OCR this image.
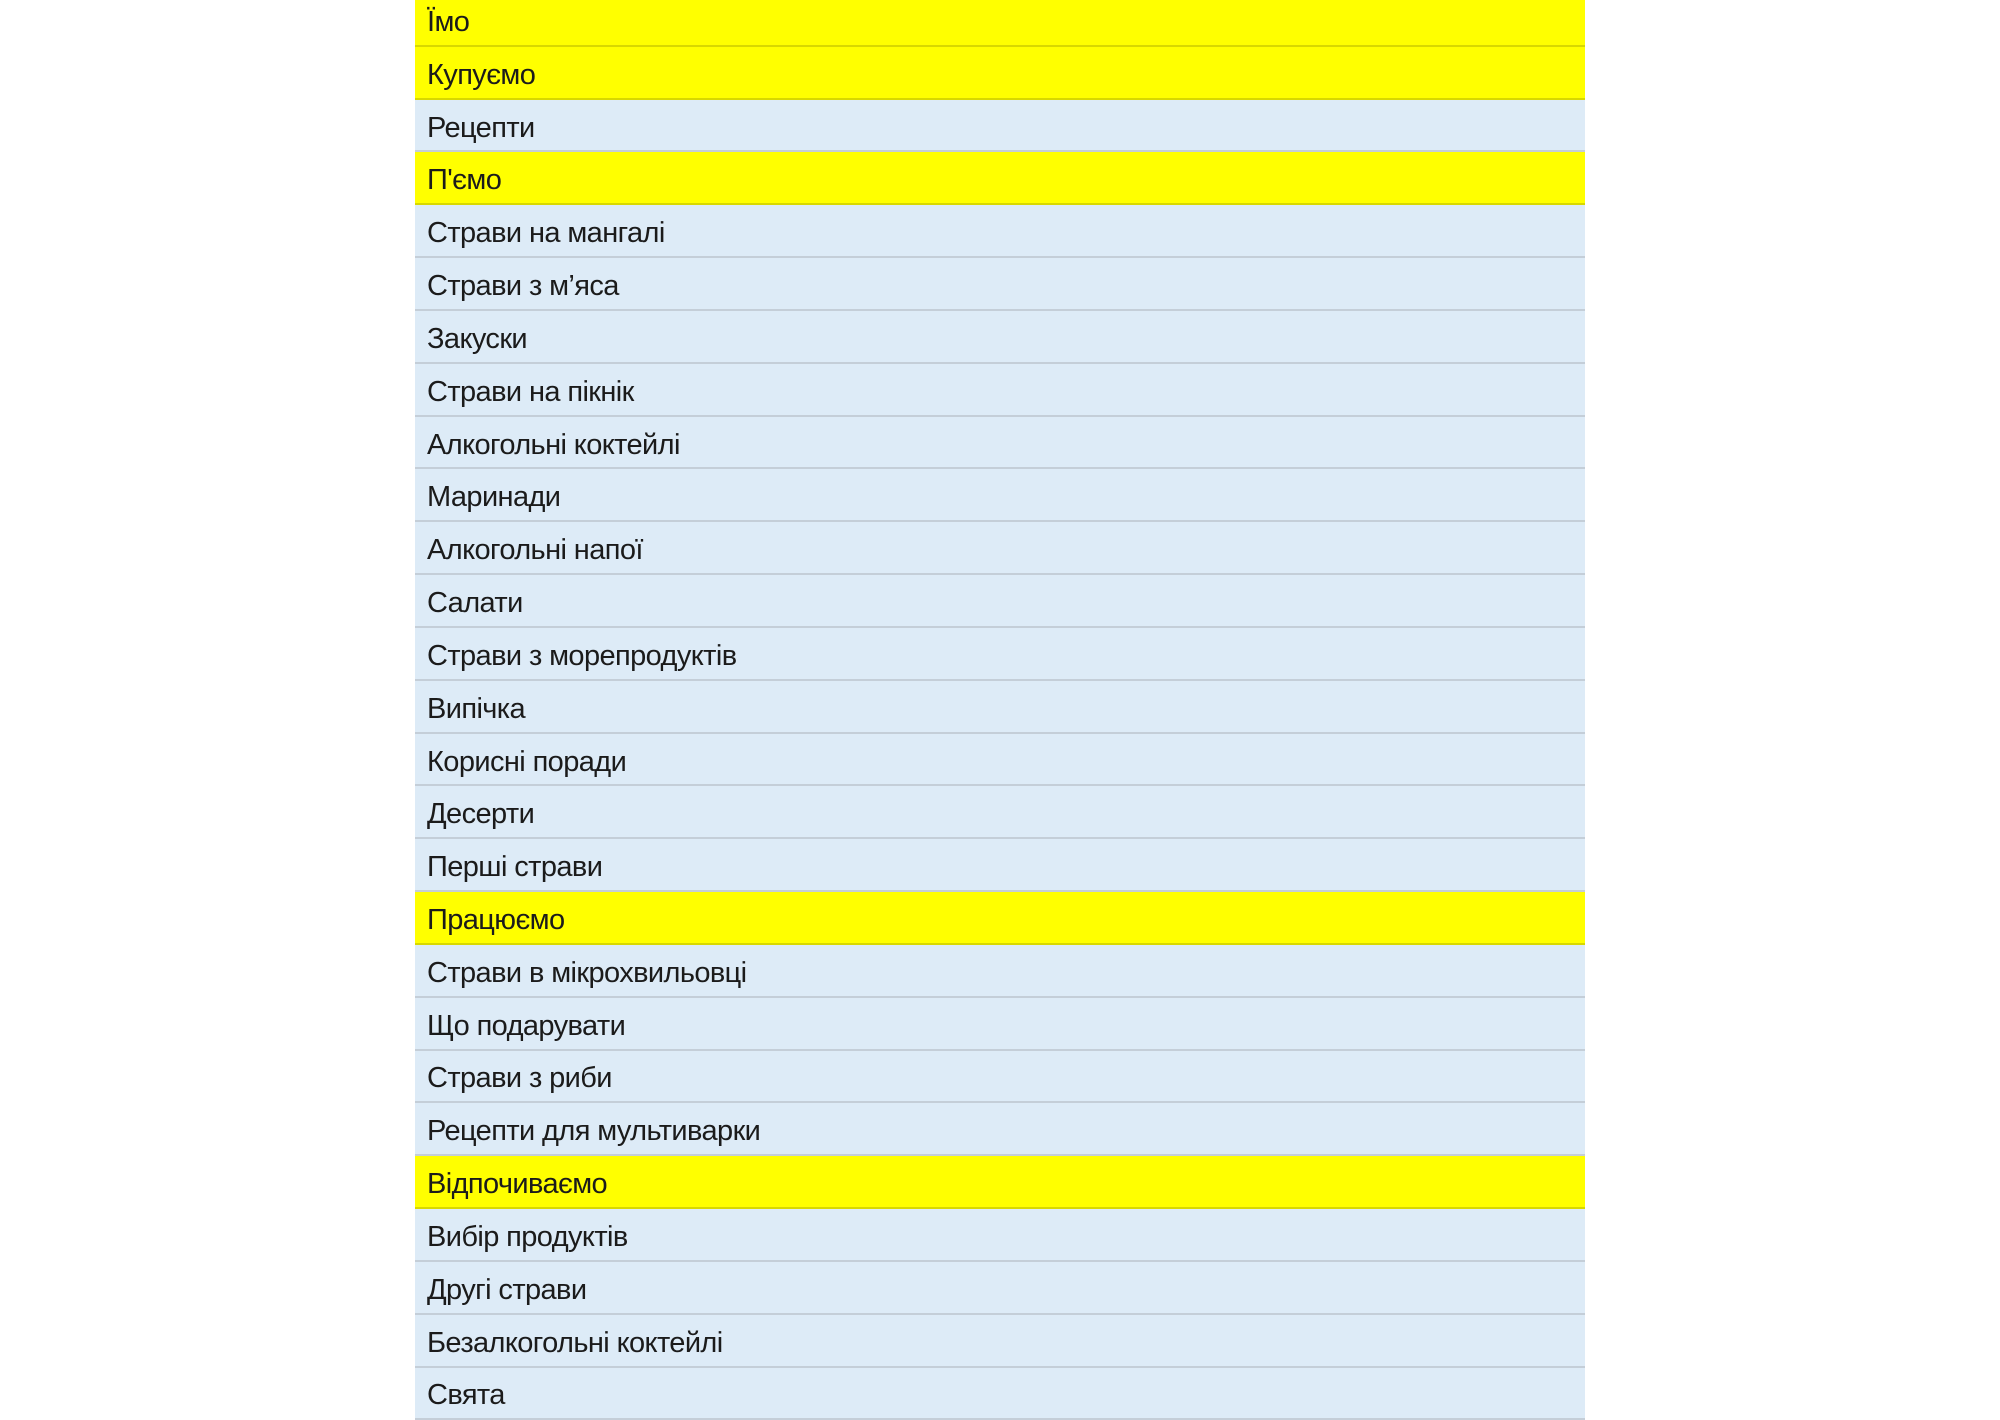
Їмо
Купуємо
Рецепти
П'ємо
Страви на мангалі
Страви з м’яса
Закуски
Страви на пікнік
Алкогольні коктейлі
Маринади
Алкогольні напої
Салати
Страви з морепродуктів
Випічка
Корисні поради
Десерти
Перші страви
Працюємо
Страви в мікрохвильовці
Що подарувати
Страви з риби
Рецепти для мультиварки
Відпочиваємо
Вибір продуктів
Другі страви
Безалкогольні коктейлі
Свята
